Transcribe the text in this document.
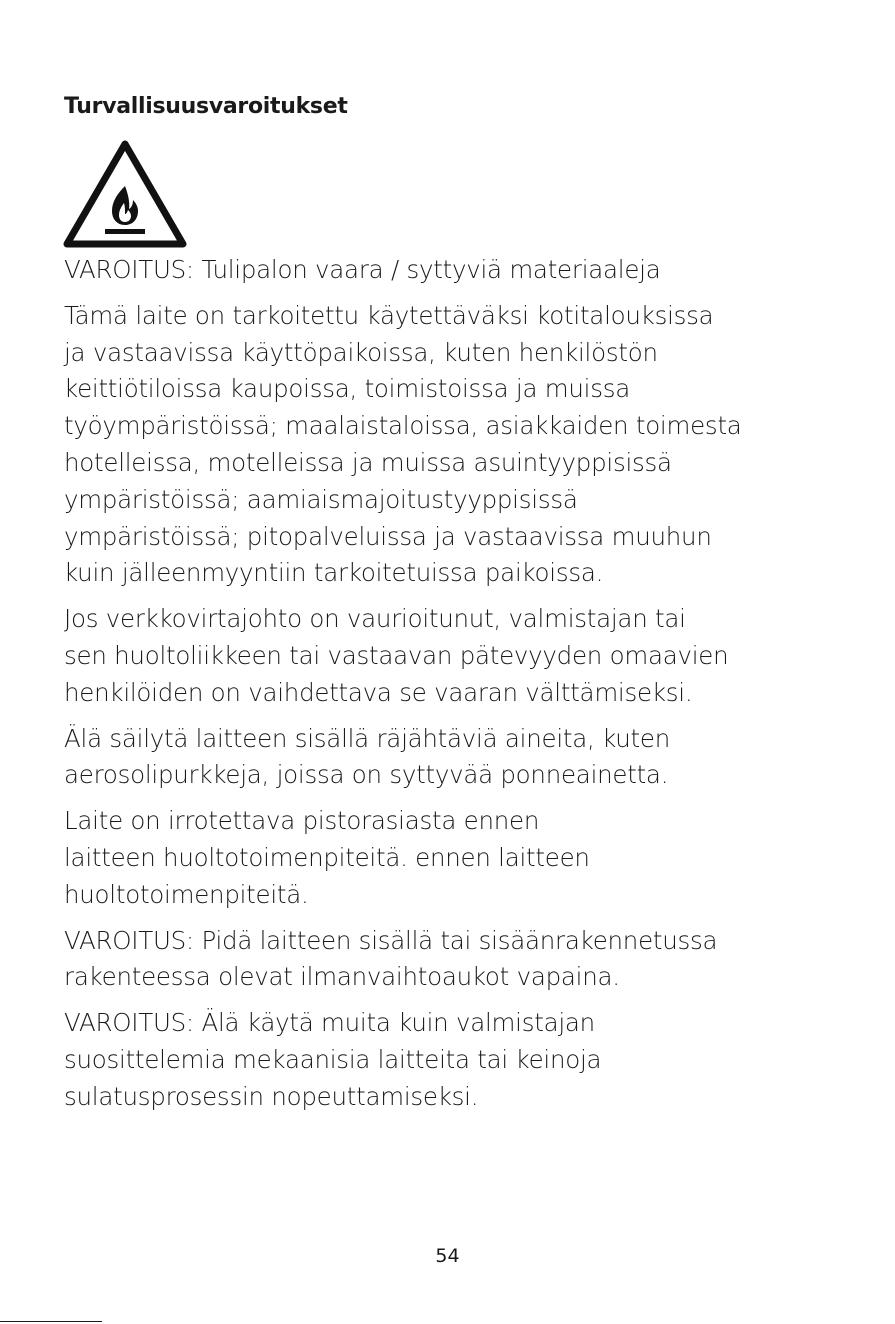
Turvallisuusvaroitukset
VAROITUS: Tulipalon vaara / syttyviä materiaaleja
Tämä laite on tarkoitettu käytettäväksi kotitalouksissa
ja vastaavissa käyttöpaikoissa, kuten henkilöstön
keittiötiloissa kaupoissa, toimistoissa ja muissa
työympäristöissä; maalaistaloissa, asiakkaiden toimesta
hotelleissa, motelleissa ja muissa asuintyyppisissä
ympäristöissä; aamiaismajoitustyyppisissä
ympäristöissä; pitopalveluissa ja vastaavissa muuhun
kuin jälleenmyyntiin tarkoitetuissa paikoissa.
Jos verkkovirtajohto on vaurioitunut, valmistajan tai
sen huoltoliikkeen tai vastaavan pätevyyden omaavien
henkilöiden on vaihdettava se vaaran välttämiseksi.
Älä säilytä laitteen sisällä räjähtäviä aineita, kuten
aerosolipurkkeja, joissa on syttyvää ponneainetta.
Laite on irrotettava pistorasiasta ennen
laitteen huoltotoimenpiteitä. ennen laitteen
huoltotoimenpiteitä.
VAROITUS: Pidä laitteen sisällä tai sisäänrakennetussa
rakenteessa olevat ilmanvaihtoaukot vapaina.
VAROITUS: Älä käytä muita kuin valmistajan
suosittelemia mekaanisia laitteita tai keinoja
sulatusprosessin nopeuttamiseksi.
54
